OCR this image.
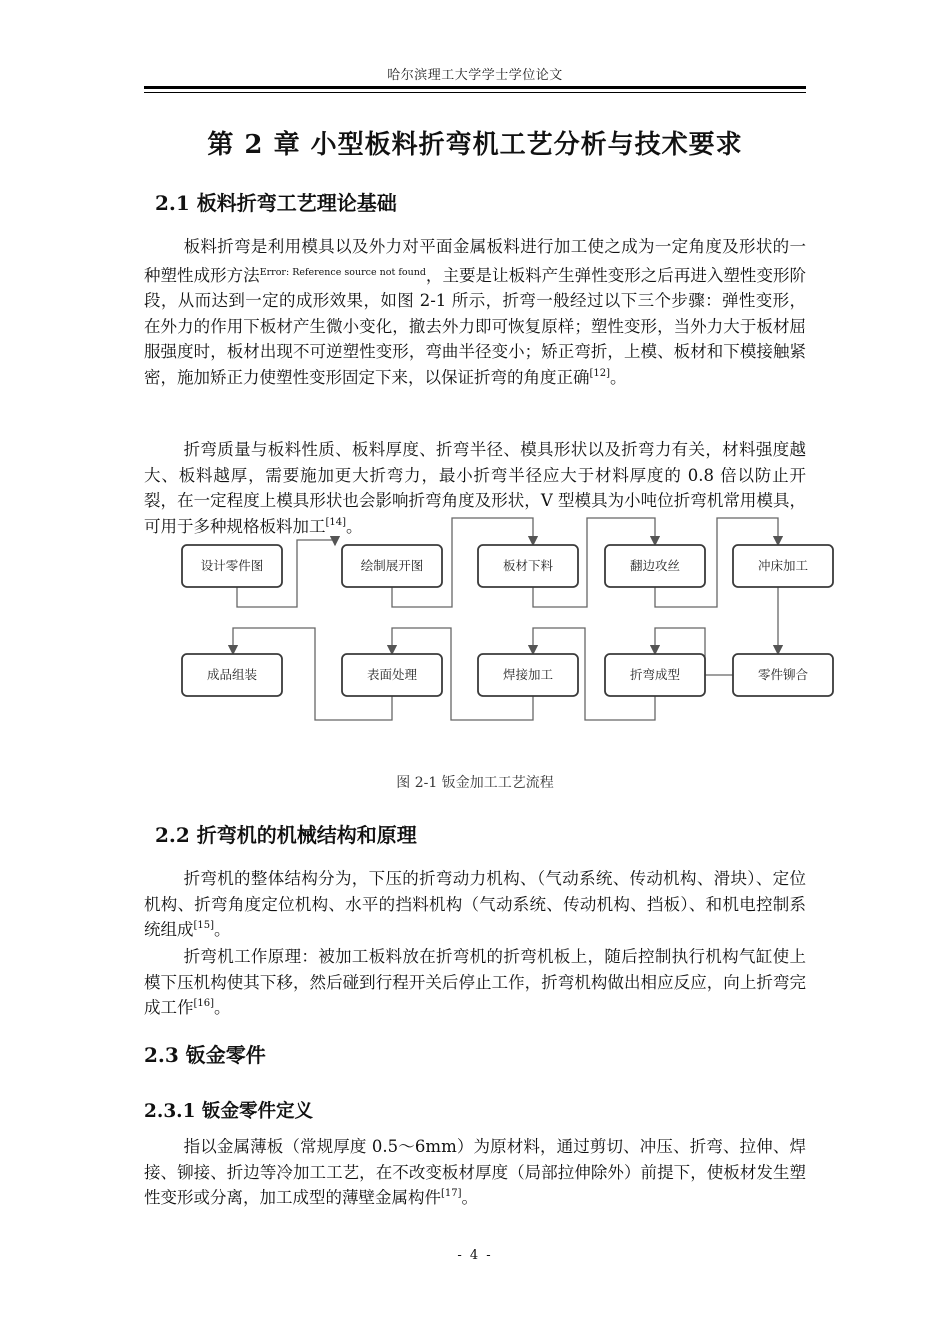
哈尔滨理工大学学士学位论文
第 2 章 小型板料折弯机工艺分析与技术要求
2.1 板料折弯工艺理论基础
板料折弯是利用模具以及外力对平面金属板料进行加工使之成为一定角度及形状的一种塑性成形方法$^{Error: Reference source not found}$，主要是让板料产生弹性变形之后再进入塑性变形阶段，从而达到一定的成形效果，如图 2-1 所示，折弯一般经过以下三个步骤：弹性变形，在外力的作用下板材产生微小变化，撤去外力即可恢复原样；塑性变形，当外力大于板材屈服强度时，板材出现不可逆塑性变形，弯曲半径变小；矫正弯折，上模、板材和下模接触紧密，施加矫正力使塑性变形固定下来，以保证折弯的角度正确[12]。
折弯质量与板料性质、板料厚度、折弯半径、模具形状以及折弯力有关，材料强度越大、板料越厚，需要施加更大折弯力，最小折弯半径应大于材料厚度的 0.8 倍以防止开裂，在一定程度上模具形状也会影响折弯角度及形状，V 型模具为小吨位折弯机常用模具，可用于多种规格板料加工[14]。
设计零件图	绘制展开图	板材下料	翻边攻丝	冲床加工
零件铆合
折弯成型
焊接加工
表面处理
成品组装
图 2-1 钣金加工工艺流程
2.2 折弯机的机械结构和原理
折弯机的整体结构分为，下压的折弯动力机构、（气动系统、传动机构、滑块）、定位机构、折弯角度定位机构、水平的挡料机构（气动系统、传动机构、挡板）、和机电控制系统组成[15]。
折弯机工作原理：被加工板料放在折弯机的折弯机板上，随后控制执行机构气缸使上模下压机构使其下移，然后碰到行程开关后停止工作，折弯机构做出相应反应，向上折弯完成工作[16]。
2.3 钣金零件
2.3.1 钣金零件定义
指以金属薄板（常规厚度 0.5～6mm）为原材料，通过剪切、冲压、折弯、拉伸、焊接、铆接、折边等冷加工工艺，在不改变板材厚度（局部拉伸除外）前提下，使板材发生塑性变形或分离，加工成型的薄壁金属构件[17]。
- 4 -
